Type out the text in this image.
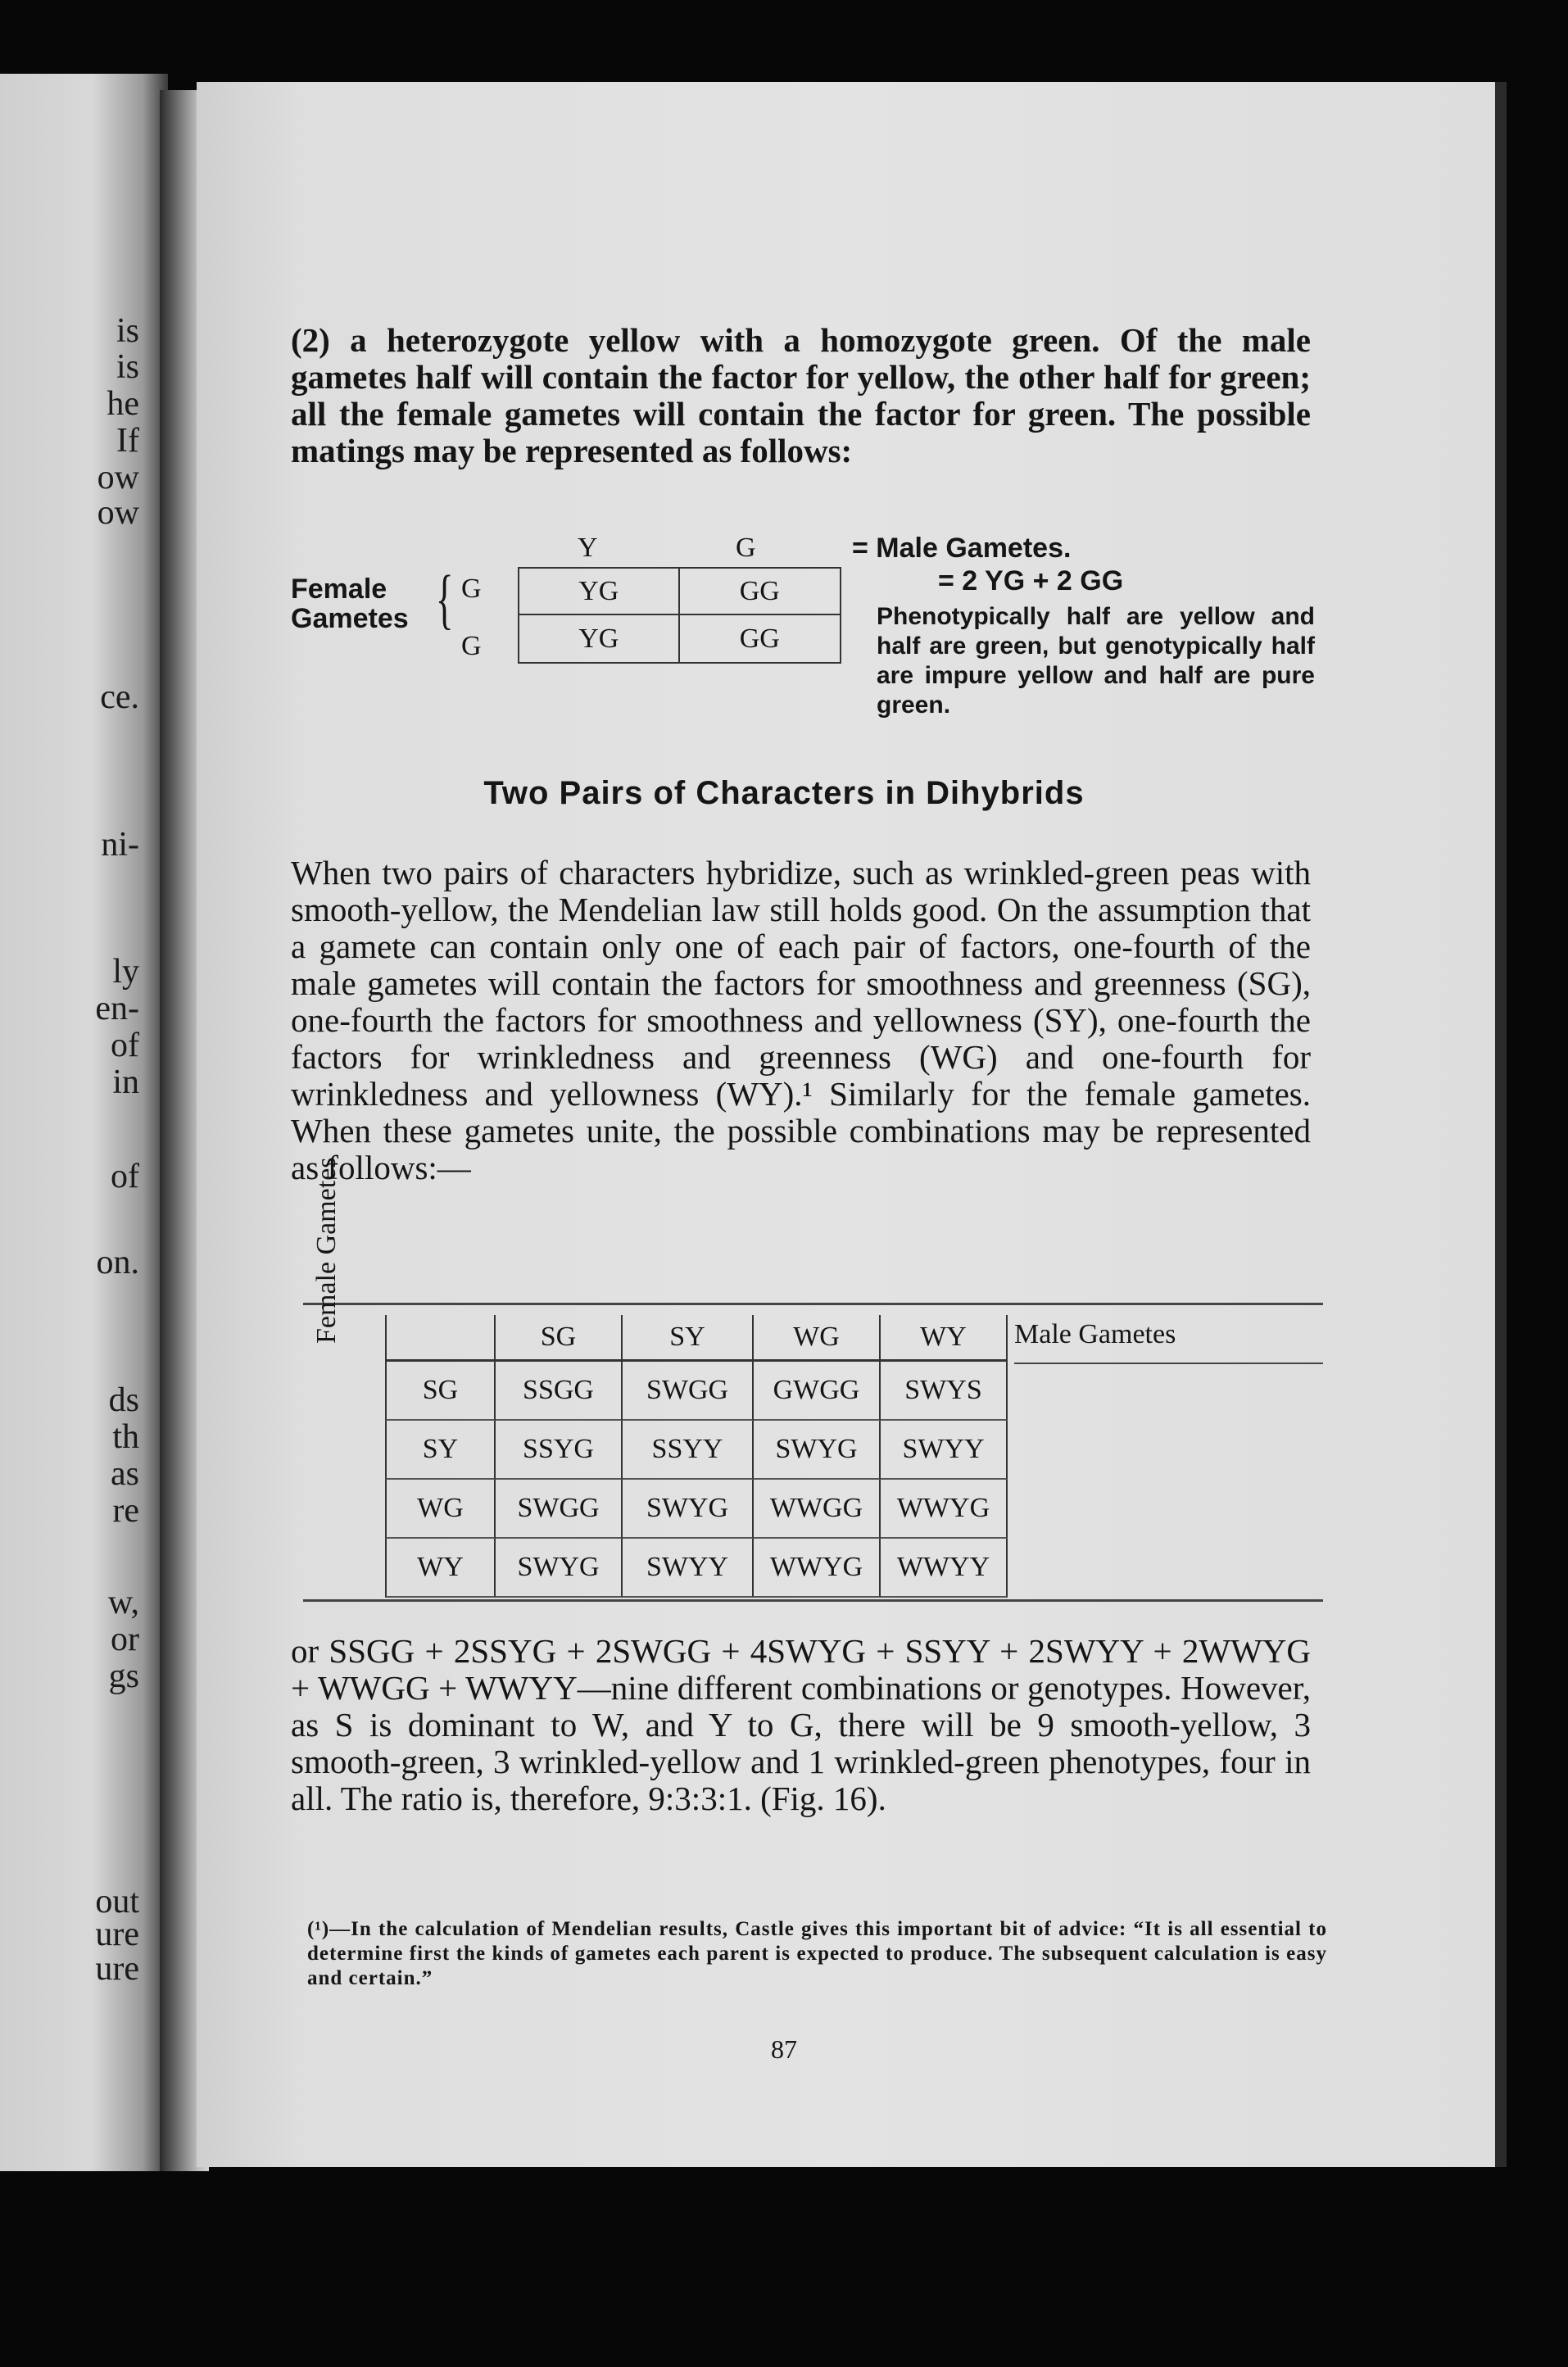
is
is
he
If
ow
ow
ce.
ni-
ly
en-
of
in
of
on.
ds
th
as
re
w,
or
gs
out
ure
ure

(2) a heterozygote yellow with a homozygote green. Of the male gametes half will contain the factor for yellow, the other half for green; all the female gametes will contain the factor for green. The possible matings may be represented as follows:

Y	G	= Male Gametes.
Female
Gametes { G
G
YG	GG
YG	GG
= 2 YG + 2 GG
Phenotypically half are yellow and half are green, but genotypically half are impure yellow and half are pure green.
Two Pairs of Characters in Dihybrids

When two pairs of characters hybridize, such as wrinkled-green peas with smooth-yellow, the Mendelian law still holds good. On the assumption that a gamete can contain only one of each pair of factors, one-fourth of the male gametes will contain the factors for smoothness and greenness (SG), one-fourth the factors for smoothness and yellowness (SY), one-fourth the factors for wrinkledness and greenness (WG) and one-fourth for wrinkledness and yellowness (WY).¹ Similarly for the female gametes. When these gametes unite, the possible combinations may be represented as follows:—

Female Gametes	SG	SY	WG	WY
SG	SSGG	SWGG	GWGG	SWYS
SY	SSYG	SSYY	SWYG	SWYY
WG	SWGG	SWYG	WWGG	WWYG
WY	SWYG	SWYY	WWYG	WWYY
Male Gametes

or SSGG + 2SSYG + 2SWGG + 4SWYG + SSYY + 2SWYY + 2WWYG + WWGG + WWYY—nine different combinations or genotypes. However, as S is dominant to W, and Y to G, there will be 9 smooth-yellow, 3 smooth-green, 3 wrinkled-yellow and 1 wrinkled-green phenotypes, four in all. The ratio is, therefore, 9:3:3:1. (Fig. 16).

(¹)—In the calculation of Mendelian results, Castle gives this important bit of advice: “It is all essential to determine first the kinds of gametes each parent is expected to produce. The subsequent calculation is easy and certain.”
87
